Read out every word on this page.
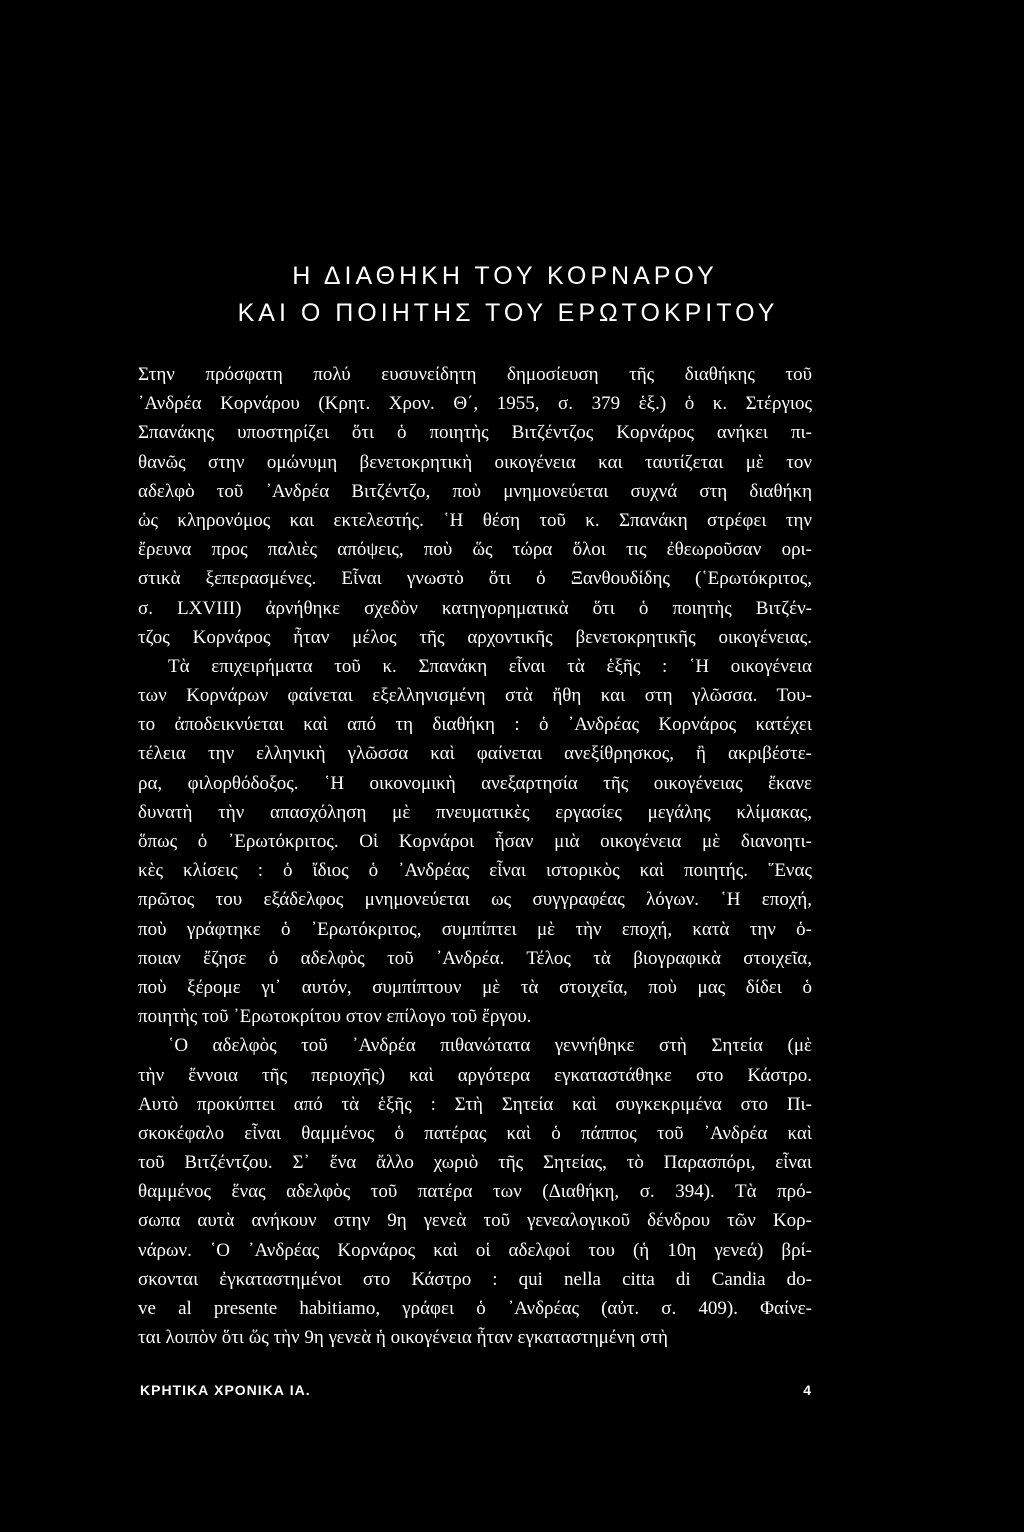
Η ΔΙΑΘΗΚΗ ΤΟΥ ΚΟΡΝΑΡΟΥ
ΚΑΙ Ο ΠΟΙΗΤΗΣ ΤΟΥ ΕΡΩΤΟΚΡΙΤΟΥ
Στην πρόσφατη πολύ ευσυνείδητη δημοσίευση τῆς διαθήκης τοῦ
᾿Ανδρέα Κορνάρου (Κρητ. Χρον. Θ΄, 1955, σ. 379 ἑξ.) ὁ κ. Στέργιος
Σπανάκης υποστηρίζει ὅτι ὁ ποιητὴς Βιτζέντζος Κορνάρος ανήκει πι-
θανῶς στην ομώνυμη βενετοκρητικὴ οικογένεια και ταυτίζεται μὲ τον
αδελφὸ τοῦ ᾿Ανδρέα Βιτζέντζο, ποὺ μνημονεύεται συχνά στη διαθήκη
ὡς κληρονόμος και εκτελεστής. ῾Η θέση τοῦ κ. Σπανάκη στρέφει την
ἔρευνα προς παλιὲς απόψεις, ποὺ ὥς τώρα ὅλοι τις ἐθεωροῦσαν ορι-
στικὰ ξεπερασμένες. Εἶναι γνωστὸ ὅτι ὁ Ξανθουδίδης (῾Ερωτόκριτος,
σ. LXVIII) ἀρνήθηκε σχεδὸν κατηγορηματικὰ ὅτι ὁ ποιητὴς Βιτζέν-
τζος Κορνάρος ἦταν μέλος τῆς αρχοντικῆς βενετοκρητικῆς οικογένειας.
Τὰ επιχειρήματα τοῦ κ. Σπανάκη εἶναι τὰ ἑξῆς : ῾Η οικογένεια
των Κορνάρων φαίνεται εξελληνισμένη στὰ ἤθη και στη γλῶσσα. Του-
το ἀποδεικνύεται καὶ από τη διαθήκη : ὁ ᾿Ανδρέας Κορνάρος κατέχει
τέλεια την ελληνικὴ γλῶσσα καὶ φαίνεται ανεξίθρησκος, ἢ ακριβέστε-
ρα, φιλορθόδοξος. ῾Η οικονομικὴ ανεξαρτησία τῆς οικογένειας ἔκανε
δυνατὴ τὴν απασχόληση μὲ πνευματικὲς εργασίες μεγάλης κλίμακας,
ὅπως ὁ ᾿Ερωτόκριτος. Οἱ Κορνάροι ἦσαν μιὰ οικογένεια μὲ διανοητι-
κὲς κλίσεις : ὁ ἴδιος ὁ ᾿Ανδρέας εἶναι ιστορικὸς καὶ ποιητής. ῞Ενας
πρῶτος του εξάδελφος μνημονεύεται ως συγγραφέας λόγων. ῾Η εποχή,
ποὺ γράφτηκε ὁ ᾿Ερωτόκριτος, συμπίπτει μὲ τὴν εποχή, κατὰ την ὁ-
ποιαν ἔζησε ὁ αδελφὸς τοῦ ᾿Ανδρέα. Τέλος τὰ βιογραφικὰ στοιχεῖα,
ποὺ ξέρομε γι᾿ αυτόν, συμπίπτουν μὲ τὰ στοιχεῖα, ποὺ μας δίδει ὁ
ποιητὴς τοῦ ᾿Ερωτοκρίτου στον επίλογο τοῦ ἔργου.
῾Ο αδελφὸς τοῦ ᾿Ανδρέα πιθανώτατα γεννήθηκε στὴ Σητεία (μὲ
τὴν ἔννοια τῆς περιοχῆς) καὶ αργότερα εγκαταστάθηκε στο Κάστρο.
Αυτὸ προκύπτει από τὰ ἑξῆς : Στὴ Σητεία καὶ συγκεκριμένα στο Πι-
σκοκέφαλο εἶναι θαμμένος ὁ πατέρας καὶ ὁ πάππος τοῦ ᾿Ανδρέα καὶ
τοῦ Βιτζέντζου. Σ᾿ ἕνα ἄλλο χωριὸ τῆς Σητείας, τὸ Παρασπόρι, εἶναι
θαμμένος ἕνας αδελφὸς τοῦ πατέρα των (Διαθήκη, σ. 394). Τὰ πρό-
σωπα αυτὰ ανήκουν στην 9η γενεὰ τοῦ γενεαλογικοῦ δένδρου τῶν Κορ-
νάρων. ῾Ο ᾿Ανδρέας Κορνάρος καὶ οἱ αδελφοί του (ἡ 10η γενεά) βρί-
σκονται ἐγκαταστημένοι στο Κάστρο : qui nella citta di Candia do-
ve al presente habitiamo, γράφει ὁ ᾿Ανδρέας (αὐτ. σ. 409). Φαίνε-
ται λοιπὸν ὅτι ὥς τὴν 9η γενεὰ ἡ οικογένεια ἦταν εγκαταστημένη στὴ
ΚΡΗΤΙΚΑ ΧΡΟΝΙΚΑ ΙΑ.	4
